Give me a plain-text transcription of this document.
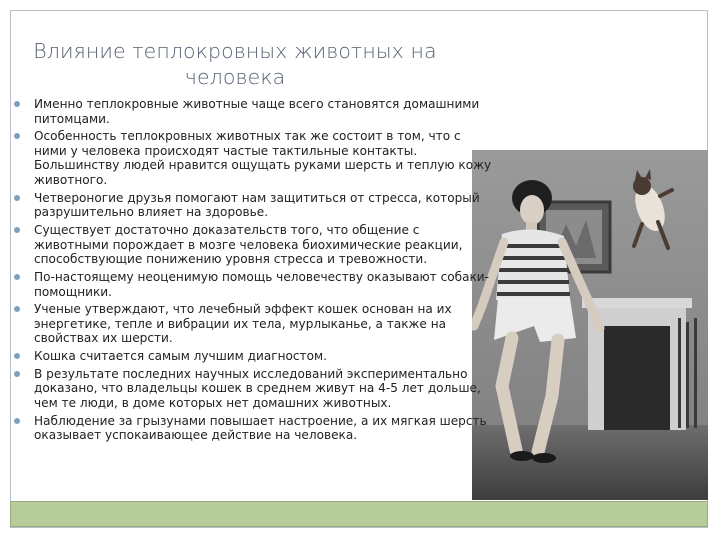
Влияние теплокровных животных на
человека
Именно теплокровные животные чаще всего становятся домашними питомцами.
Особенность теплокровных животных так же состоит в том, что с ними у человека происходят частые тактильные контакты. Большинству людей нравится ощущать руками шерсть и теплую кожу животного.
Четвероногие друзья помогают нам защититься от стресса, который разрушительно влияет на здоровье.
Существует достаточно доказательств того, что общение с животными порождает в мозге человека биохимические реакции, способствующие понижению уровня стресса и тревожности.
По-настоящему неоценимую помощь человечеству оказывают собаки-помощники.
Ученые утверждают, что лечебный эффект кошек основан на их энергетике, тепле и вибрации их тела, мурлыканье, а также на свойствах их шерсти.
Кошка считается самым лучшим диагностом.
В результате последних научных исследований экспериментально доказано, что владельцы кошек в среднем живут на 4-5 лет дольше, чем те люди, в доме которых нет домашних животных.
Наблюдение за грызунами повышает настроение, а их мягкая шерсть оказывает успокаивающее действие на человека.
